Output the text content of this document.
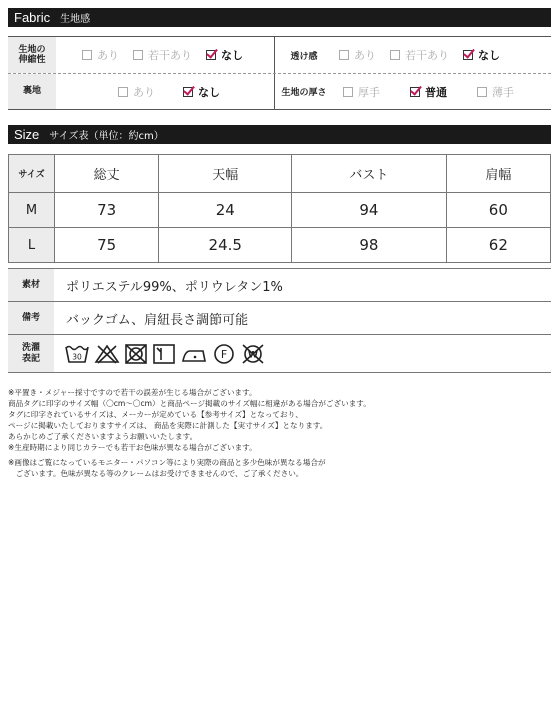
Fabric 生地感
生地の
伸縮性	あり	若干あり	なし	透け感	あり	若干あり	なし
裏地	あり	なし	生地の厚さ	厚手	普通	薄手
Size サイズ表（単位：約cm）
サイズ	総丈	天幅	バスト	肩幅
M	73	24	94	60
L	75	24.5	98	62
素材	ポリエステル99%、ポリウレタン1%
備考	バックゴム、肩紐長さ調節可能
洗濯
表記	30	F W

※平置き・メジャー採寸ですので若干の誤差が生じる場合がございます。

商品タグに印字のサイズ幅（〇cm〜〇cm）と商品ページ掲載のサイズ幅に相違がある場合がございます。

タグに印字されているサイズは、メーカーが定めている【参考サイズ】となっており、

ページに掲載いたしておりますサイズは、 商品を実際に計測した【実寸サイズ】となります。

あらかじめご了承くださいますようお願いいたします。

※生産時期により同じカラーでも若干お色味が異なる場合がございます。

※画像はご覧になっているモニター・パソコン等により実際の商品と多少色味が異なる場合が

　ございます。色味が異なる等のクレームはお受けできませんので、ご了承ください。
